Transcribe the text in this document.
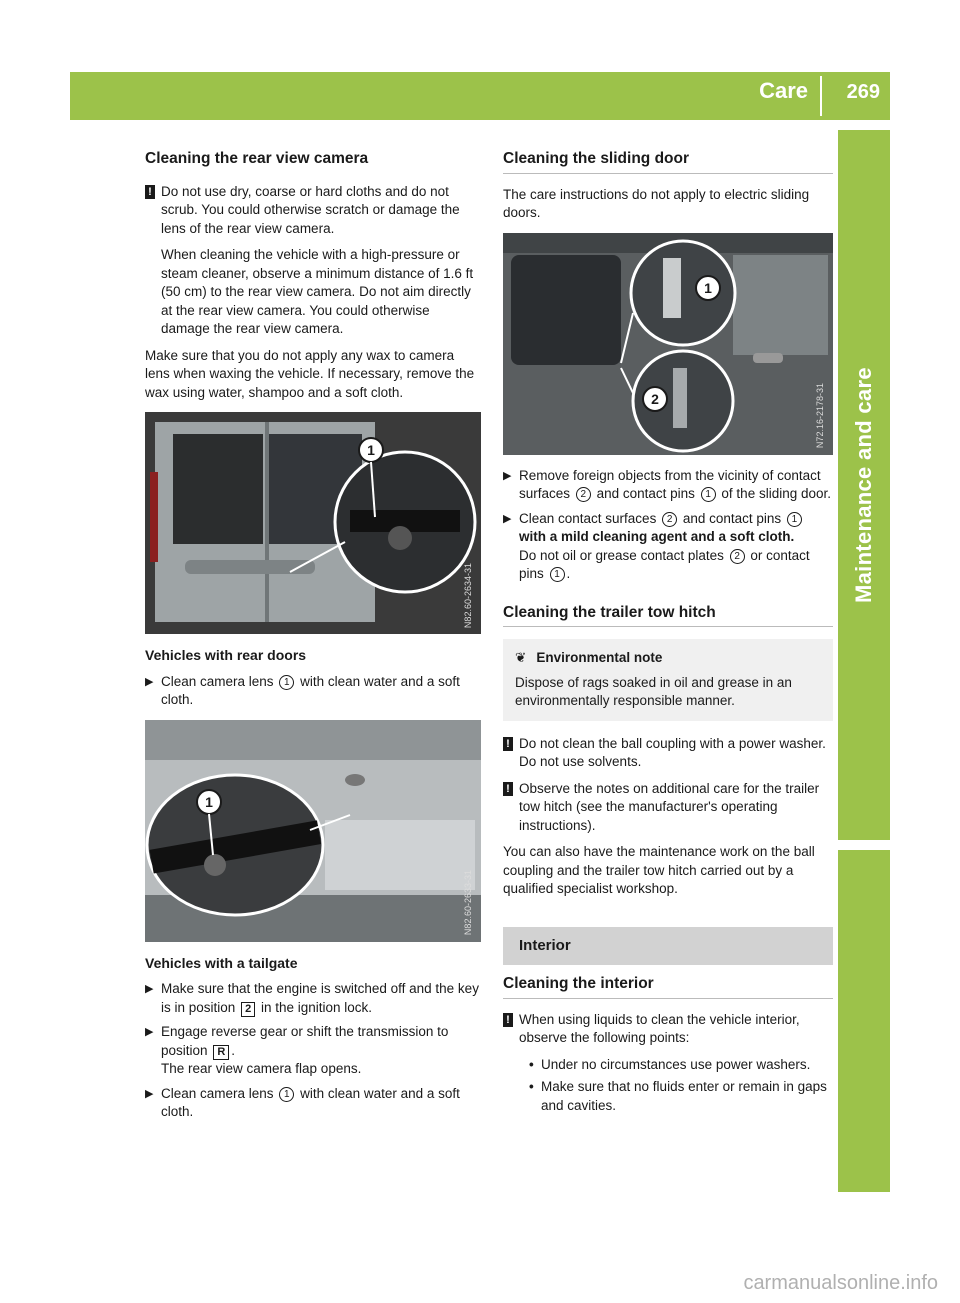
Care 269
Maintenance and care
Cleaning the rear view camera
! Do not use dry, coarse or hard cloths and do not scrub. You could otherwise scratch or damage the lens of the rear view camera.

When cleaning the vehicle with a high-pressure or steam cleaner, observe a minimum distance of 1.6 ft (50 cm) to the rear view camera. Do not aim directly at the rear view camera. You could otherwise damage the rear view camera.

Make sure that you do not apply any wax to camera lens when waxing the vehicle. If necessary, remove the wax using water, shampoo and a soft cloth.

1
N82.60-2634-31
Vehicles with rear doors
▶ Clean camera lens 1 with clean water and a soft cloth.
1
N82.60-2633-31
Vehicles with a tailgate
▶ Make sure that the engine is switched off and the key is in position 2 in the ignition lock.
▶ Engage reverse gear or shift the transmission to position R .
The rear view camera flap opens.
▶ Clean camera lens 1 with clean water and a soft cloth.
Cleaning the sliding door

The care instructions do not apply to electric sliding doors.

1
2	N72.16-2178-31
▶ Remove foreign objects from the vicinity of contact surfaces 2 and contact pins 1 of the sliding door.
▶ Clean contact surfaces 2 and contact pins 1 with a mild cleaning agent and a soft cloth.
Do not oil or grease contact plates 2 or contact pins 1 .
Cleaning the trailer tow hitch
❦ Environmental note
Dispose of rags soaked in oil and grease in an environmentally responsible manner.
! Do not clean the ball coupling with a power washer. Do not use solvents.

! Observe the notes on additional care for the trailer tow hitch (see the manufacturer's operating instructions).

You can also have the maintenance work on the ball coupling and the trailer tow hitch carried out by a qualified specialist workshop.

Interior
Cleaning the interior
! When using liquids to clean the vehicle interior, observe the following points:

• Under no circumstances use power washers.
• Make sure that no fluids enter or remain in gaps and cavities.
carmanualsonline.info
